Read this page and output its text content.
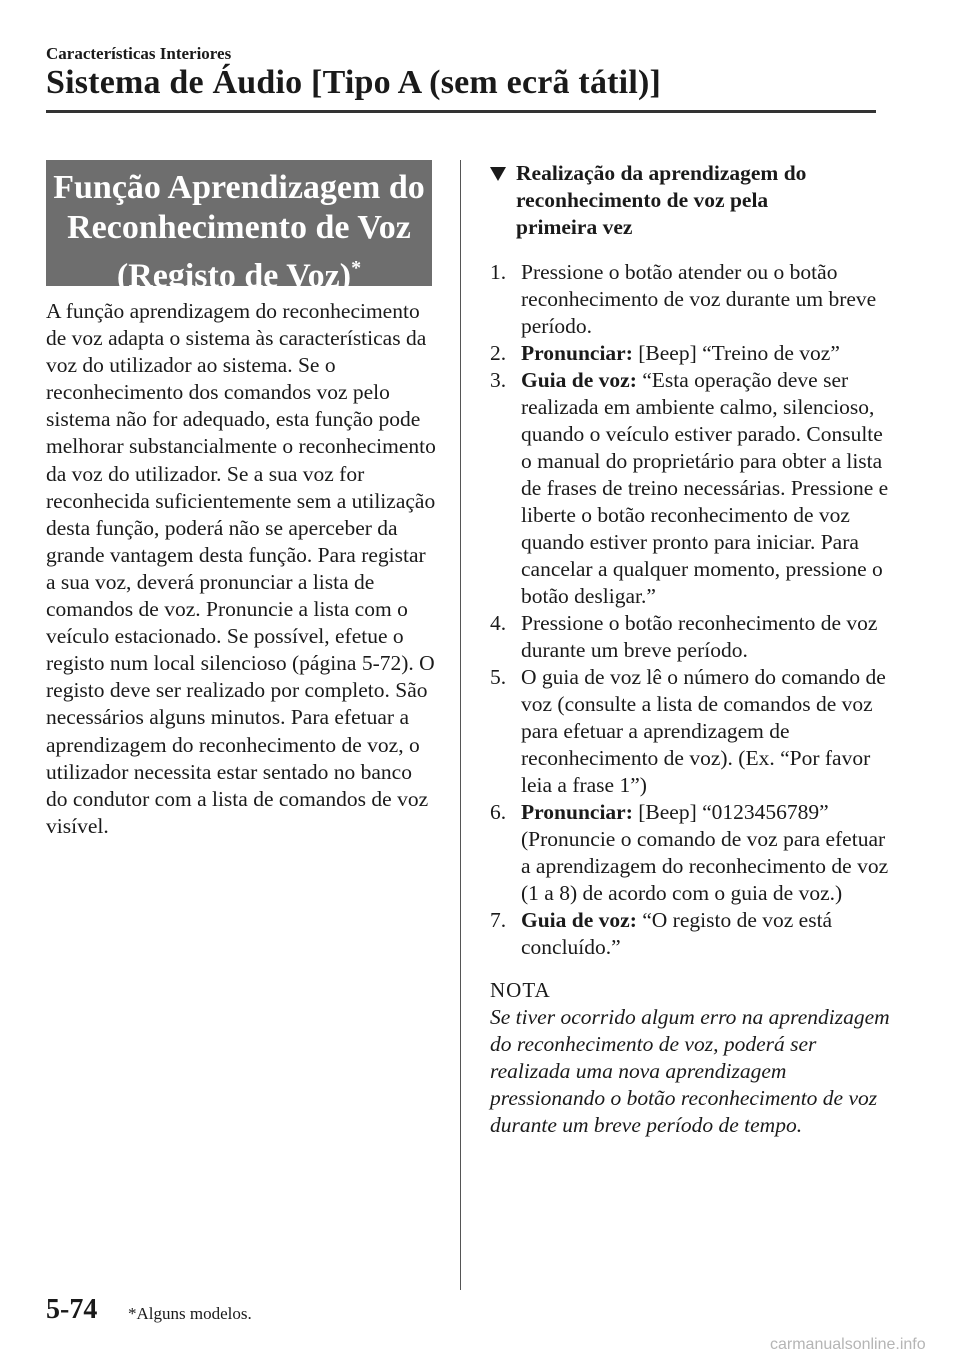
Características Interiores
Sistema de Áudio [Tipo A (sem ecrã tátil)]
Função Aprendizagem do
Reconhecimento de Voz
(Registo de Voz)*

A função aprendizagem do reconhecimento de voz adapta o sistema às características da voz do utilizador ao sistema. Se o reconhecimento dos comandos voz pelo sistema não for adequado, esta função pode melhorar substancialmente o reconhecimento da voz do utilizador. Se a sua voz for reconhecida suficientemente sem a utilização desta função, poderá não se aperceber da grande vantagem desta função. Para registar a sua voz, deverá pronunciar a lista de comandos de voz. Pronuncie a lista com o veículo estacionado. Se possível, efetue o registo num local silencioso (página 5-72). O registo deve ser realizado por completo. São necessários alguns minutos. Para efetuar a aprendizagem do reconhecimento de voz, o utilizador necessita estar sentado no banco do condutor com a lista de comandos de voz visível.

Realização da aprendizagem do
reconhecimento de voz pela
primeira vez
1. Pressione o botão atender ou o botão reconhecimento de voz durante um breve período.
2. Pronunciar: [Beep] “Treino de voz”
3. Guia de voz: “Esta operação deve ser realizada em ambiente calmo, silencioso, quando o veículo estiver parado. Consulte o manual do proprietário para obter a lista de frases de treino necessárias. Pressione e liberte o botão reconhecimento de voz quando estiver pronto para iniciar. Para cancelar a qualquer momento, pressione o botão desligar.”
4. Pressione o botão reconhecimento de voz durante um breve período.
5. O guia de voz lê o número do comando de voz (consulte a lista de comandos de voz para efetuar a aprendizagem de reconhecimento de voz). (Ex. “Por favor leia a frase 1”)
6. Pronunciar: [Beep] “0123456789” (Pronuncie o comando de voz para efetuar a aprendizagem do reconhecimento de voz (1 a 8) de acordo com o guia de voz.)
7. Guia de voz: “O registo de voz está concluído.”
NOTA

Se tiver ocorrido algum erro na aprendizagem do reconhecimento de voz, poderá ser realizada uma nova aprendizagem pressionando o botão reconhecimento de voz durante um breve período de tempo.

5-74 *Alguns modelos.
carmanualsonline.info
